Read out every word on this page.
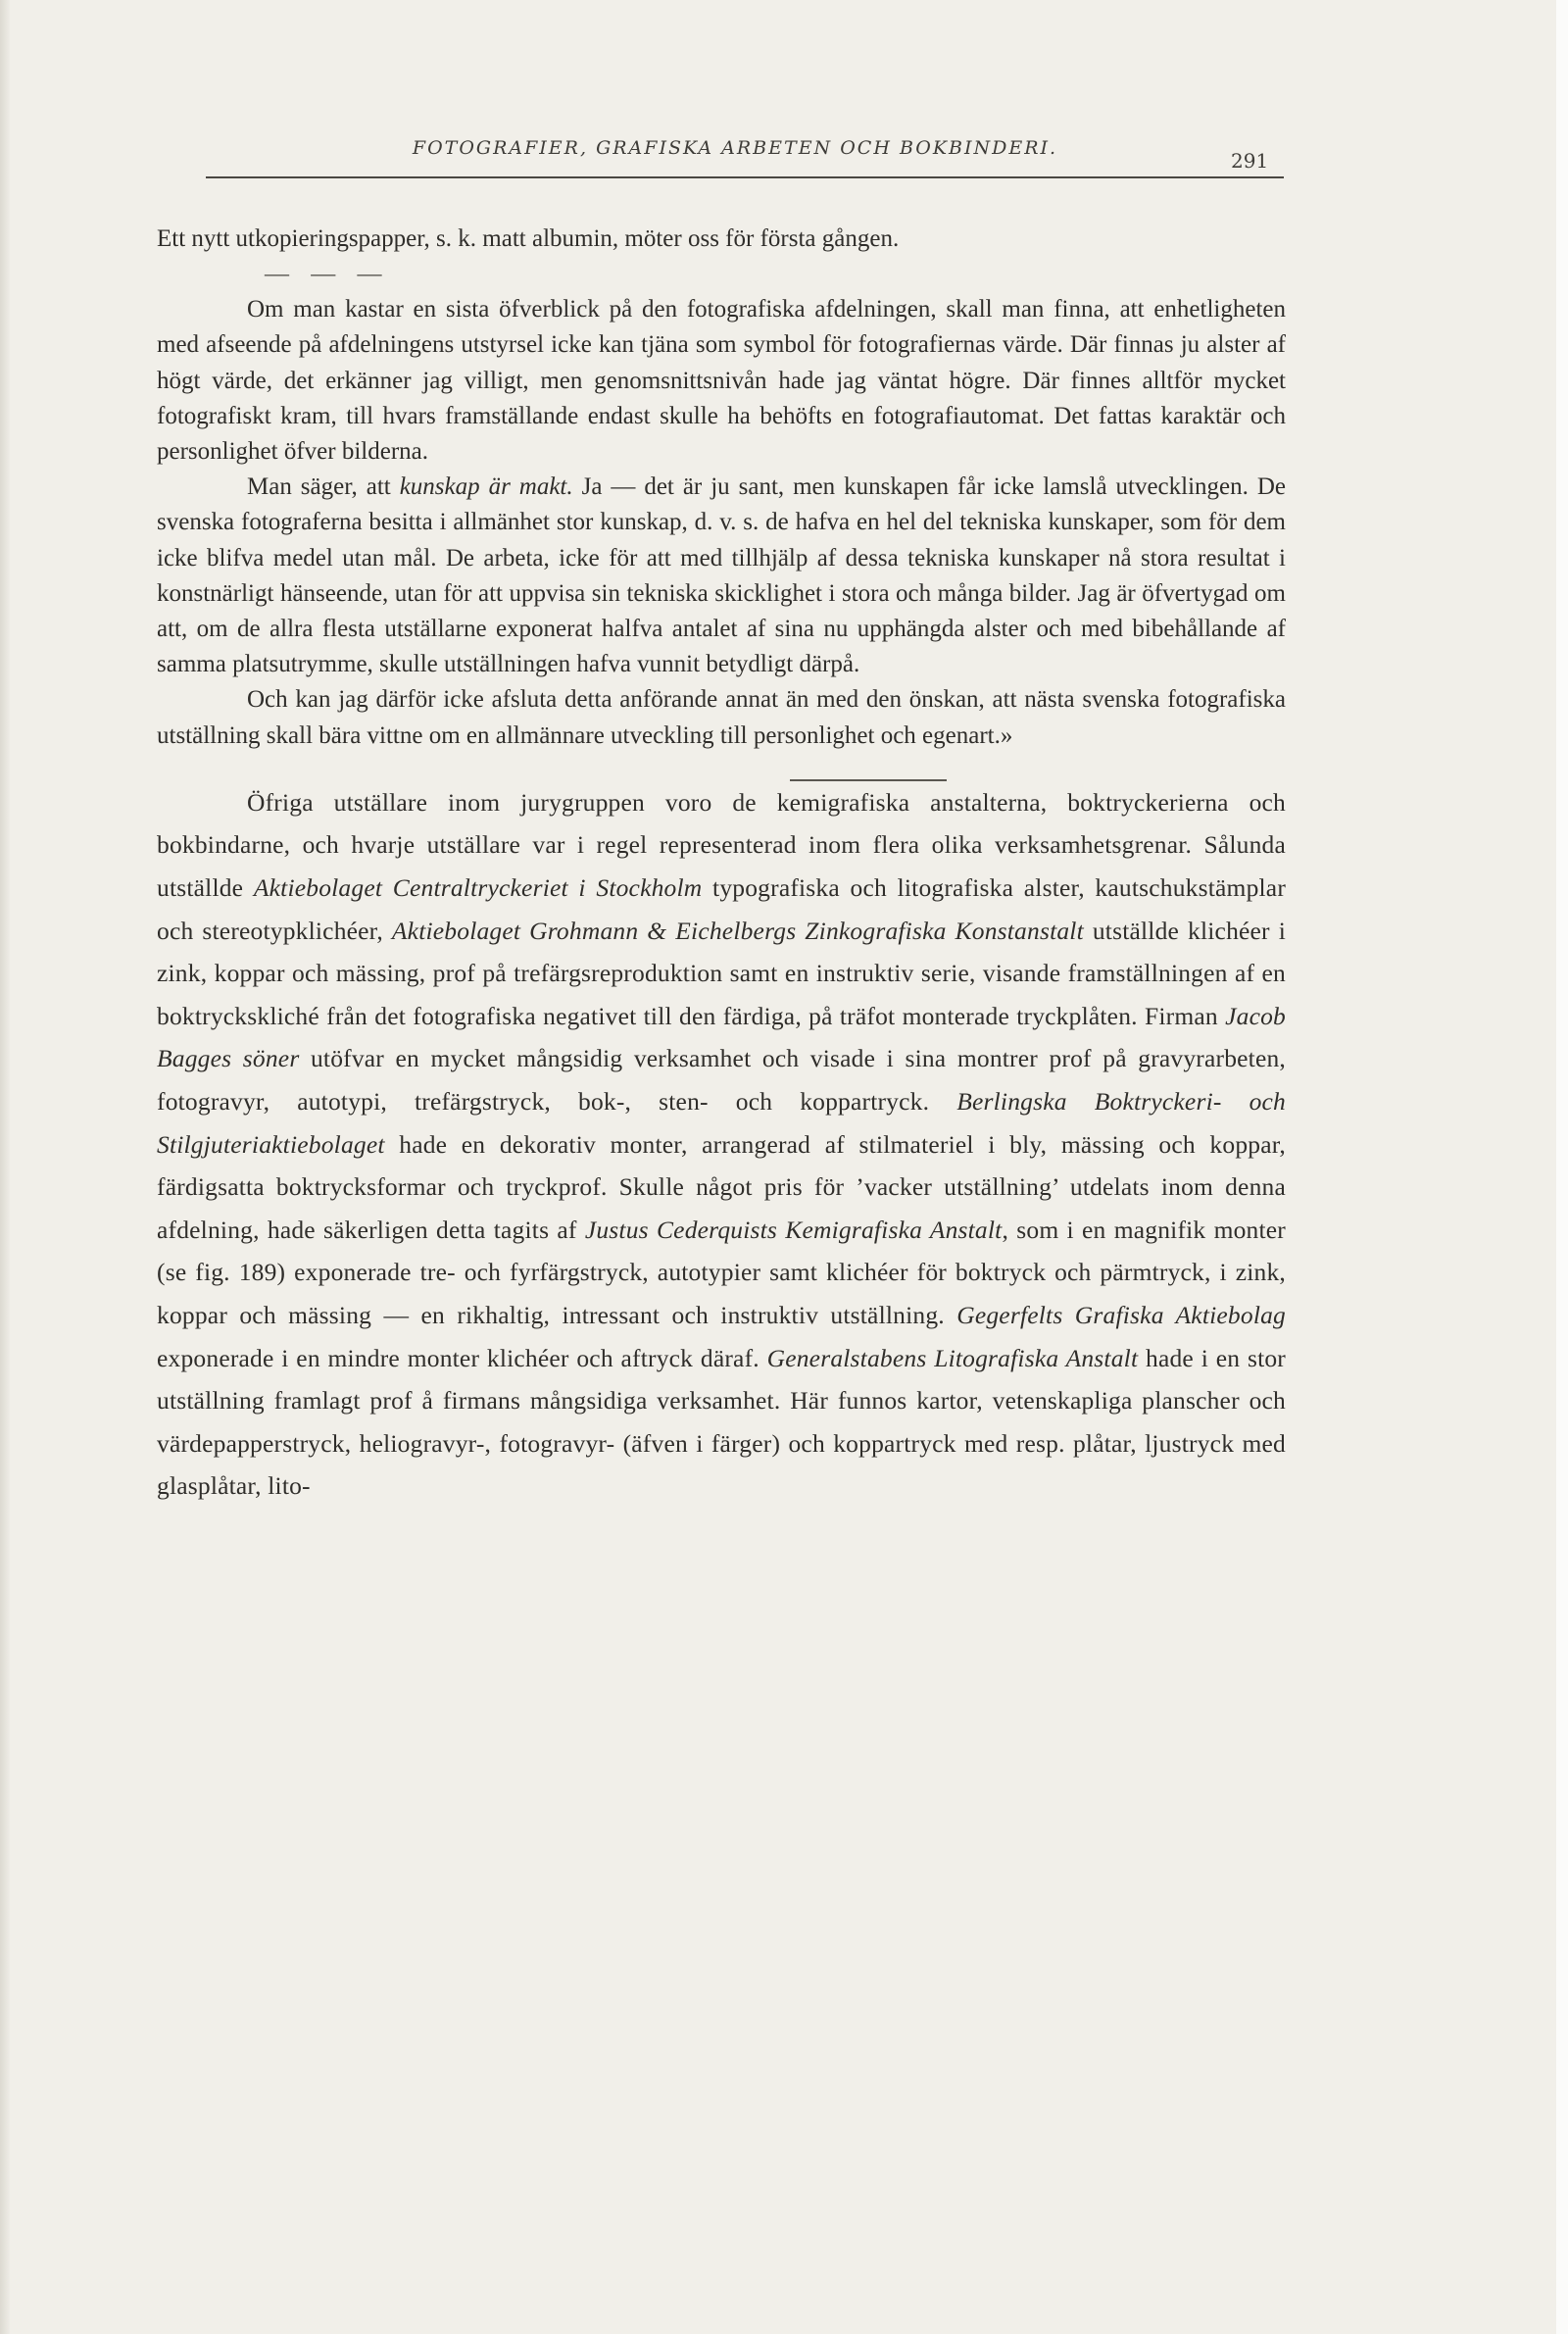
FOTOGRAFIER, GRAFISKA ARBETEN OCH BOKBINDERI.
291

Ett nytt utkopieringspapper, s. k. matt albumin, möter oss för första gången.

— — —

Om man kastar en sista öfverblick på den fotografiska afdelningen, skall man finna, att enhetligheten med afseende på afdelningens utstyrsel icke kan tjäna som symbol för fotografiernas värde. Där finnas ju alster af högt värde, det erkänner jag villigt, men genomsnittsnivån hade jag väntat högre. Där finnes alltför mycket fotografiskt kram, till hvars framställande endast skulle ha behöfts en fotografiautomat. Det fattas karaktär och personlighet öfver bilderna.

Man säger, att kunskap är makt. Ja — det är ju sant, men kunskapen får icke lamslå utvecklingen. De svenska fotograferna besitta i allmänhet stor kunskap, d. v. s. de hafva en hel del tekniska kunskaper, som för dem icke blifva medel utan mål. De arbeta, icke för att med tillhjälp af dessa tekniska kunskaper nå stora resultat i konstnärligt hänseende, utan för att uppvisa sin tekniska skicklighet i stora och många bilder. Jag är öfvertygad om att, om de allra flesta utställarne exponerat halfva antalet af sina nu upphängda alster och med bibehållande af samma platsutrymme, skulle utställningen hafva vunnit betydligt därpå.

Och kan jag därför icke afsluta detta anförande annat än med den önskan, att nästa svenska fotografiska utställning skall bära vittne om en allmännare utveckling till personlighet och egenart.»

Öfriga utställare inom jurygruppen voro de kemigrafiska anstalterna, boktryckerierna och bokbindarne, och hvarje utställare var i regel representerad inom flera olika verksamhetsgrenar. Sålunda utställde Aktiebolaget Centraltryckeriet i Stockholm typografiska och litografiska alster, kautschukstämplar och stereotypklichéer, Aktiebolaget Grohmann & Eichelbergs Zinkografiska Konstanstalt utställde klichéer i zink, koppar och mässing, prof på trefärgsreproduktion samt en instruktiv serie, visande framställningen af en boktryckskliché från det fotografiska negativet till den färdiga, på träfot monterade tryckplåten. Firman Jacob Bagges söner utöfvar en mycket mångsidig verksamhet och visade i sina montrer prof på gravyrarbeten, fotogravyr, autotypi, trefärgstryck, bok-, sten- och koppartryck. Berlingska Boktryckeri- och Stilgjuteriaktiebolaget hade en dekorativ monter, arrangerad af stilmateriel i bly, mässing och koppar, färdigsatta boktrycksformar och tryckprof. Skulle något pris för ’vacker utställning’ utdelats inom denna afdelning, hade säkerligen detta tagits af Justus Cederquists Kemigrafiska Anstalt, som i en magnifik monter (se fig. 189) exponerade tre- och fyrfärgstryck, autotypier samt klichéer för boktryck och pärmtryck, i zink, koppar och mässing — en rikhaltig, intressant och instruktiv utställning. Gegerfelts Grafiska Aktiebolag exponerade i en mindre monter klichéer och aftryck däraf. Generalstabens Litografiska Anstalt hade i en stor utställning framlagt prof å firmans mångsidiga verksamhet. Här funnos kartor, vetenskapliga planscher och värdepapperstryck, heliogravyr-, fotogravyr- (äfven i färger) och koppartryck med resp. plåtar, ljustryck med glasplåtar, lito-
